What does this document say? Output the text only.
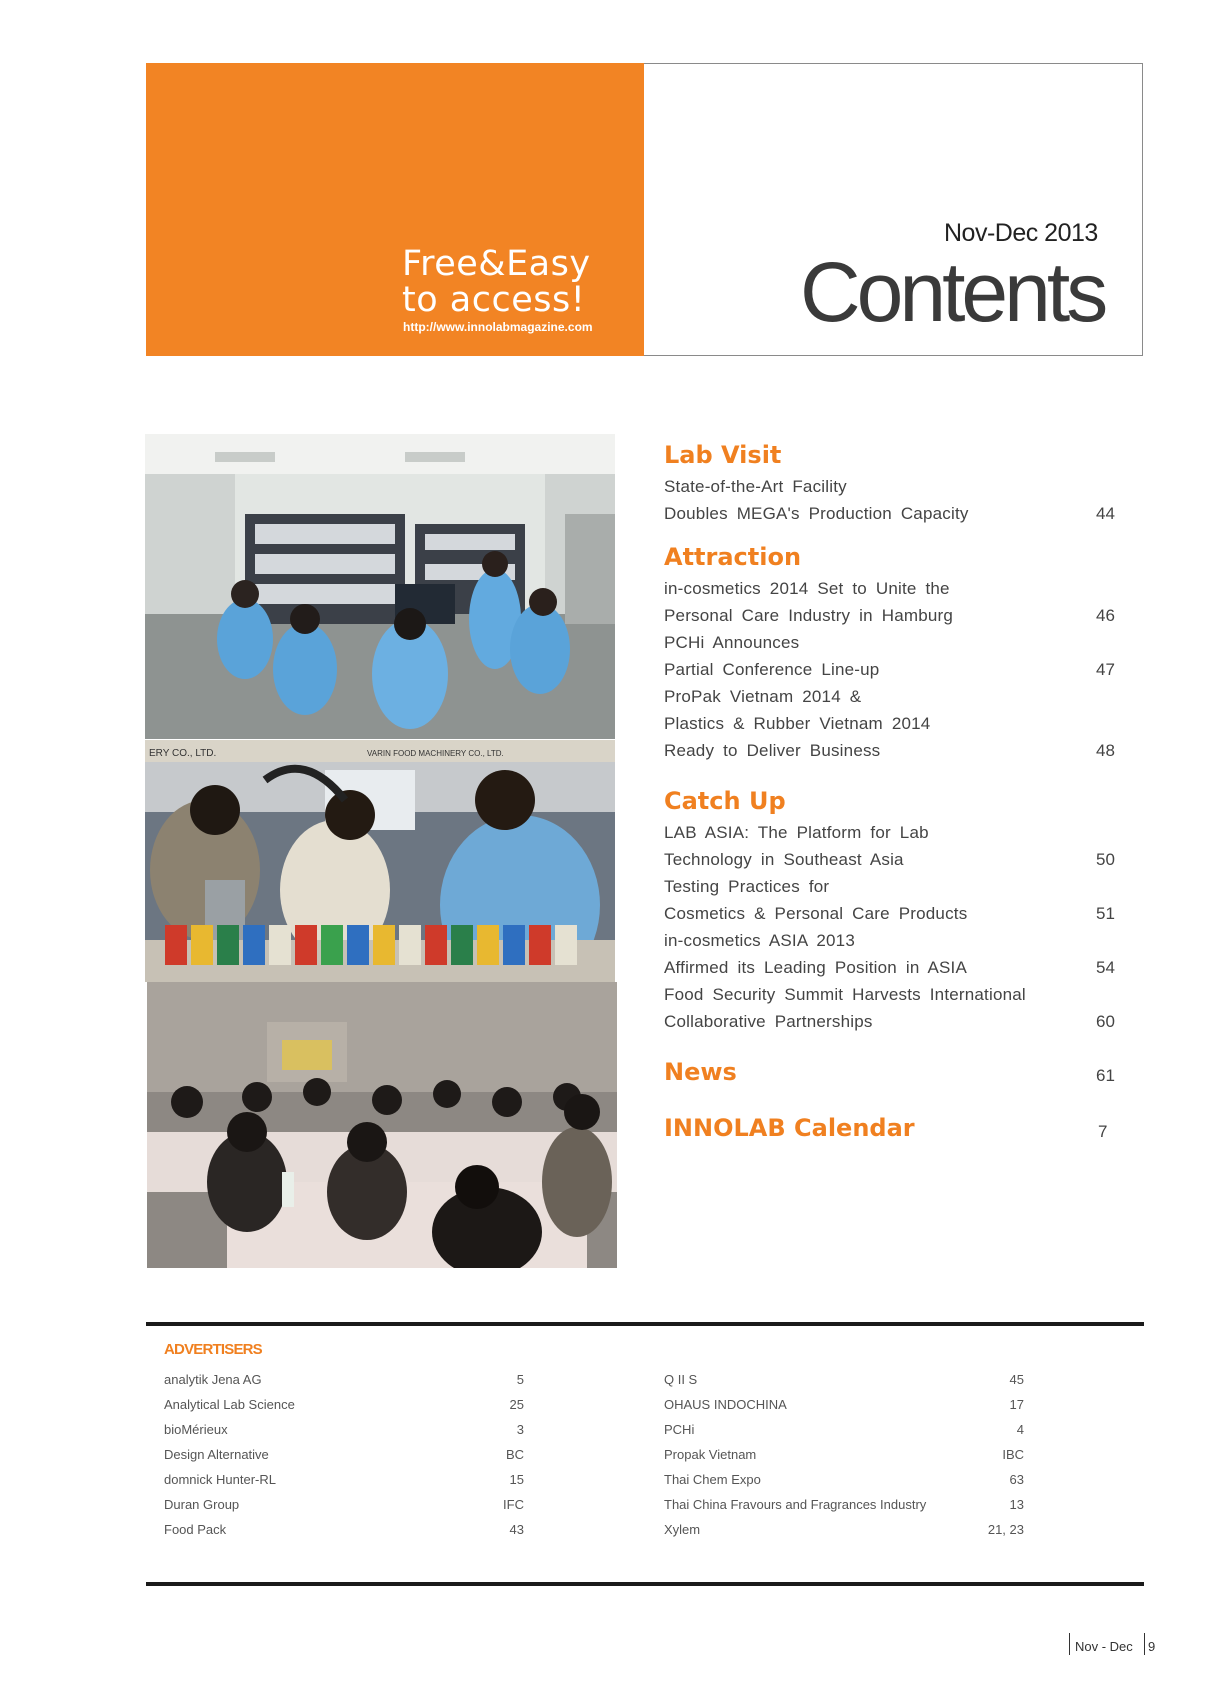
Free&Easy
to access!
http://www.innolabmagazine.com
Nov-Dec 2013
Contents
ERY CO., LTD.	VARIN FOOD MACHINERY CO., LTD.
Lab Visit
State-of-the-Art Facility
Doubles MEGA's Production Capacity	44
Attraction
in-cosmetics 2014 Set to Unite the
Personal Care Industry in Hamburg	46
PCHi Announces
Partial Conference Line-up	47
ProPak Vietnam 2014 &
Plastics & Rubber Vietnam 2014
Ready to Deliver Business	48
Catch Up
LAB ASIA: The Platform for Lab
Technology in Southeast Asia	50
Testing Practices for
Cosmetics & Personal Care Products	51
in-cosmetics ASIA 2013
Affirmed its Leading Position in ASIA	54
Food Security Summit Harvests International
Collaborative Partnerships	60
News	61
INNOLAB Calendar	7
ADVERTISERS
analytik Jena AG	5
Analytical Lab Science	25
bioMérieux	3
Design Alternative	BC
domnick Hunter-RL	15
Duran Group	IFC
Food Pack	43
Q II S	45
OHAUS INDOCHINA	17
PCHi	4
Propak Vietnam	IBC
Thai Chem Expo	63
Thai China Fravours and Fragrances Industry	13
Xylem	21, 23
Nov - Dec 9
